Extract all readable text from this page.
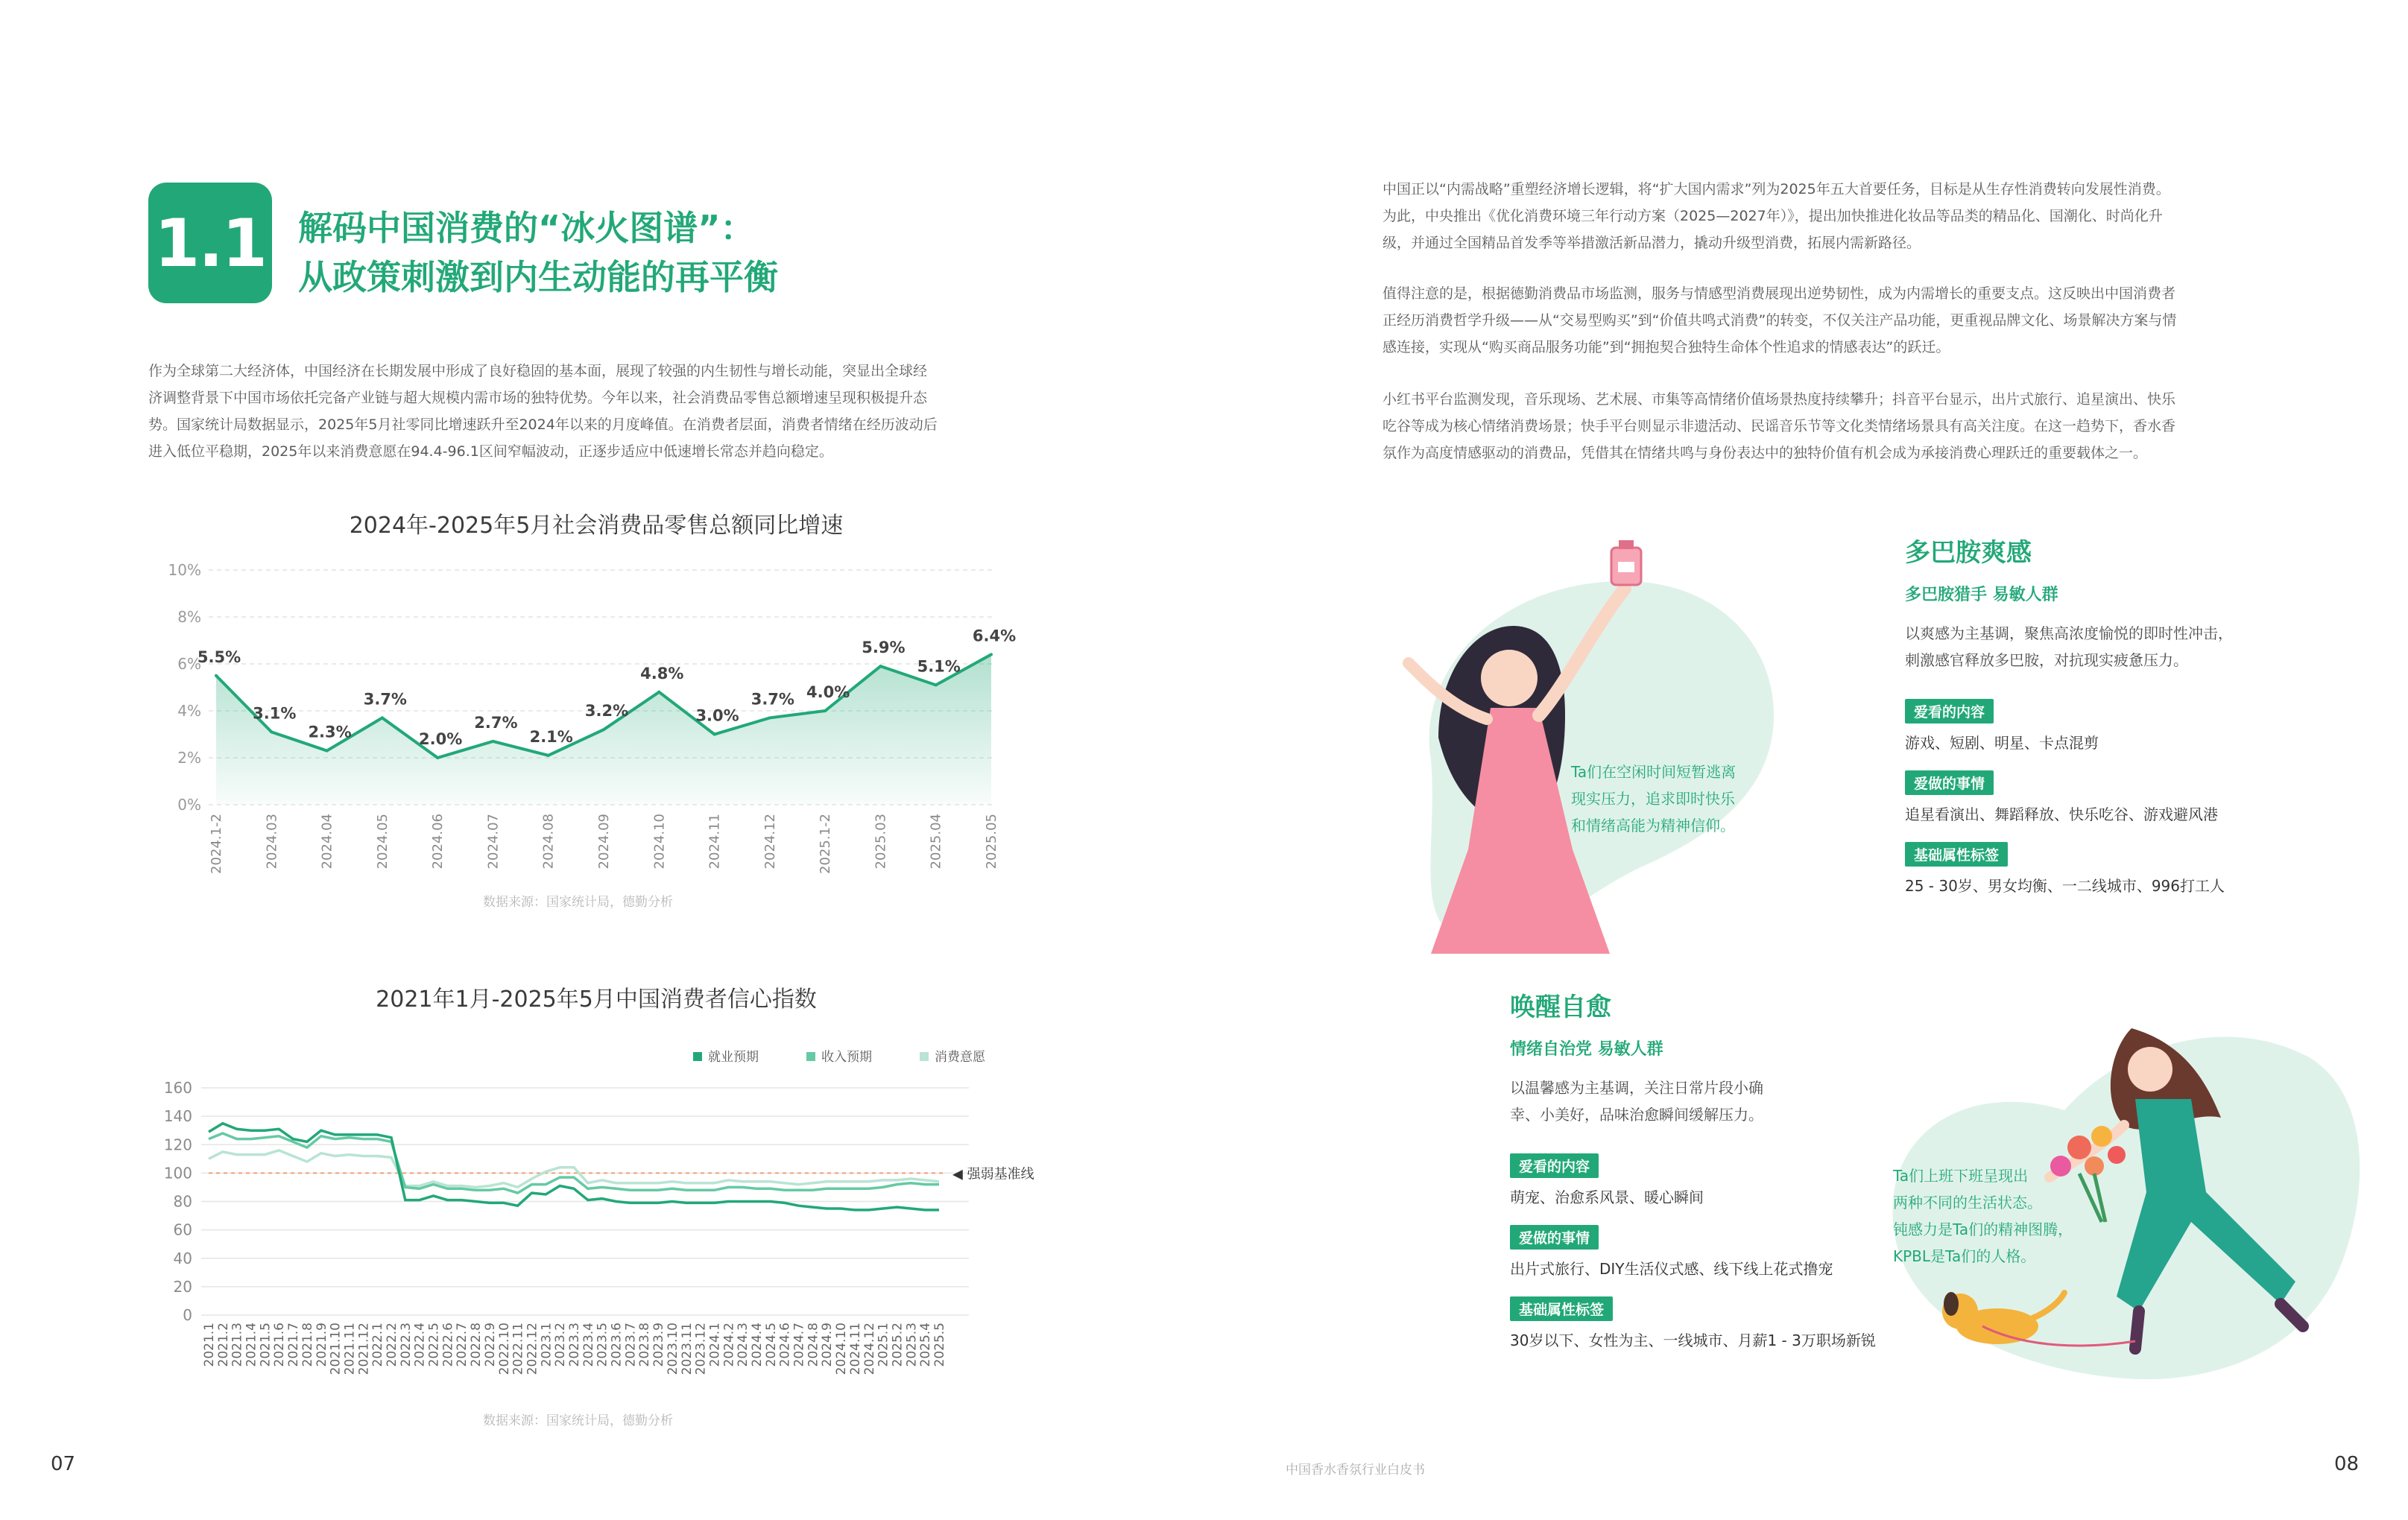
1.1 解码中国消费的“冰火图谱”：
从政策刺激到内生动能的再平衡
作为全球第二大经济体，中国经济在长期发展中形成了良好稳固的基本面，展现了较强的内生韧性与增长动能，突显出全球经
济调整背景下中国市场依托完备产业链与超大规模内需市场的独特优势。今年以来，社会消费品零售总额增速呈现积极提升态
势。国家统计局数据显示，2025年5月社零同比增速跃升至2024年以来的月度峰值。在消费者层面，消费者情绪在经历波动后
进入低位平稳期，2025年以来消费意愿在94.4-96.1区间窄幅波动，正逐步适应中低速增长常态并趋向稳定。
2024年-2025年5月社会消费品零售总额同比增速
0%
2%
4%
6%
8%
10%
5.5%
3.1%
2.3%
3.7%
2.0%
2.7%
2.1%
3.2%
4.8%
3.0%
3.7% 4.0%
5.9%
5.1%
6.4%
2024.1-2	2024.03	2024.04	2024.05	2024.06	2024.07	2024.08	2024.09	2024.10	2024.11	2024.12	2025.1-2	2025.03	2025.04	2025.05
数据来源：国家统计局，德勤分析
2021年1月-2025年5月中国消费者信心指数
0
20
40
60
80
100
120
140
160
就业预期	收入预期	消费意愿
◀ 强弱基准线
2021.1
2021.2
2021.3
2021.4
2021.5
2021.6
2021.7
2021.8
2021.9
2021.10
2021.11
2021.12
2022.1
2022.2
2022.3
2022.4
2022.5
2022.6
2022.7
2022.8
2022.9
2022.10
2022.11
2022.12
2023.1
2023.2
2023.3
2023.4
2023.5
2023.6
2023.7
2023.8
2023.9
2023.10
2023.11
2023.12
2024.1
2024.2
2024.3
2024.4
2024.5
2024.6
2024.7
2024.8
2024.9
2024.10
2024.11
2024.12
2025.1
2025.2
2025.3
2025.4
2025.5
数据来源：国家统计局，德勤分析
07	中国香水香氛行业白皮书
中国正以“内需战略”重塑经济增长逻辑，将“扩大国内需求”列为2025年五大首要任务，目标是从生存性消费转向发展性消费。
为此，中央推出《优化消费环境三年行动方案（2025—2027年）》，提出加快推进化妆品等品类的精品化、国潮化、时尚化升
级，并通过全国精品首发季等举措激活新品潜力，撬动升级型消费，拓展内需新路径。
值得注意的是，根据德勤消费品市场监测，服务与情感型消费展现出逆势韧性，成为内需增长的重要支点。这反映出中国消费者
正经历消费哲学升级——从“交易型购买”到“价值共鸣式消费”的转变，不仅关注产品功能，更重视品牌文化、场景解决方案与情
感连接，实现从“购买商品服务功能”到“拥抱契合独特生命体个性追求的情感表达”的跃迁。
小红书平台监测发现，音乐现场、艺术展、市集等高情绪价值场景热度持续攀升；抖音平台显示，出片式旅行、追星演出、快乐
吃谷等成为核心情绪消费场景；快手平台则显示非遗活动、民谣音乐节等文化类情绪场景具有高关注度。在这一趋势下，香水香
氛作为高度情感驱动的消费品，凭借其在情绪共鸣与身份表达中的独特价值有机会成为承接消费心理跃迁的重要载体之一。
Ta们在空闲时间短暂逃离
现实压力，追求即时快乐
和情绪高能为精神信仰。
多巴胺爽感
多巴胺猎手 易敏人群
以爽感为主基调，聚焦高浓度愉悦的即时性冲击，
刺激感官释放多巴胺，对抗现实疲惫压力。
爱看的内容
游戏、短剧、明星、卡点混剪
爱做的事情
追星看演出、舞蹈释放、快乐吃谷、游戏避风港
基础属性标签
25 - 30岁、男女均衡、一二线城市、996打工人
唤醒自愈
情绪自治党 易敏人群
以温馨感为主基调，关注日常片段小确
幸、小美好，品味治愈瞬间缓解压力。
爱看的内容
萌宠、治愈系风景、暖心瞬间
爱做的事情
出片式旅行、DIY生活仪式感、线下线上花式撸宠
基础属性标签
30岁以下、女性为主、一线城市、月薪1 - 3万职场新锐
Ta们上班下班呈现出
两种不同的生活状态。
钝感力是Ta们的精神图腾，
KPBL是Ta们的人格。
08
